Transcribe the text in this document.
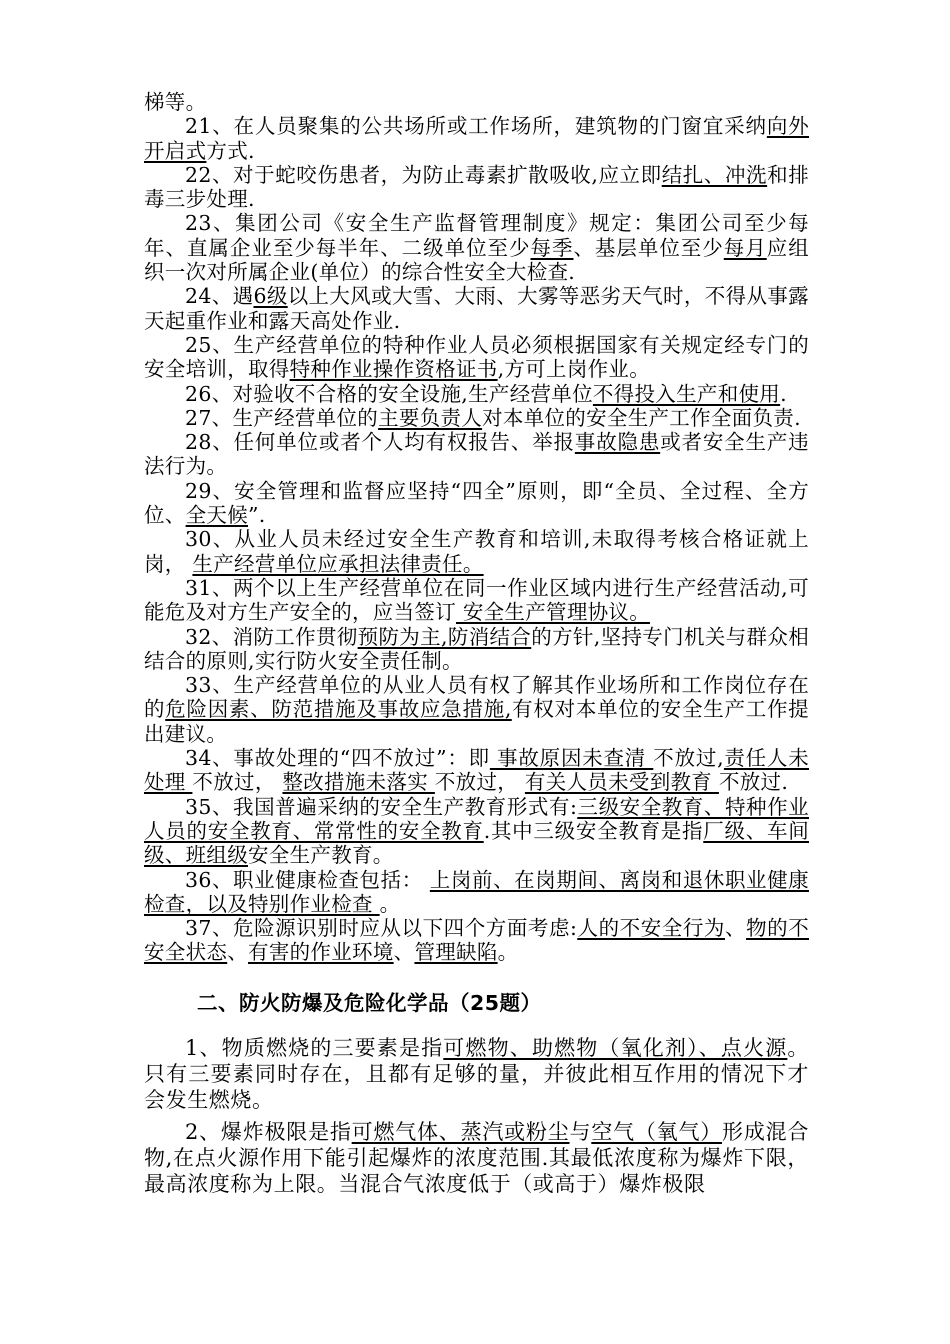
梯等。

21、在人员聚集的公共场所或工作场所，建筑物的门窗宜采纳向外开启式方式.

22、对于蛇咬伤患者，为防止毒素扩散吸收,应立即结扎、冲洗和排毒三步处理.

23、集团公司《安全生产监督管理制度》规定：集团公司至少每年、直属企业至少每半年、二级单位至少每季、基层单位至少每月应组织一次对所属企业(单位）的综合性安全大检查.

24、遇6级以上大风或大雪、大雨、大雾等恶劣天气时，不得从事露天起重作业和露天高处作业.

25、生产经营单位的特种作业人员必须根据国家有关规定经专门的安全培训，取得特种作业操作资格证书,方可上岗作业。

26、对验收不合格的安全设施,生产经营单位不得投入生产和使用.

27、生产经营单位的主要负责人对本单位的安全生产工作全面负责.

28、任何单位或者个人均有权报告、举报事故隐患或者安全生产违法行为。

29、安全管理和监督应坚持“四全”原则，即“全员、全过程、全方位、全天候”.

30、从业人员未经过安全生产教育和培训,未取得考核合格证就上岗， 生产经营单位应承担法律责任。

31、两个以上生产经营单位在同一作业区域内进行生产经营活动,可能危及对方生产安全的，应当签订 安全生产管理协议。

32、消防工作贯彻预防为主,防消结合的方针,坚持专门机关与群众相结合的原则,实行防火安全责任制。

33、生产经营单位的从业人员有权了解其作业场所和工作岗位存在的危险因素、防范措施及事故应急措施,有权对本单位的安全生产工作提出建议。

34、事故处理的“四不放过”：即 事故原因未查清 不放过,责任人未处理 不放过， 整改措施未落实 不放过， 有关人员未受到教育 不放过.

35、我国普遍采纳的安全生产教育形式有:三级安全教育、特种作业人员的安全教育、常常性的安全教育.其中三级安全教育是指厂级、车间级、班组级安全生产教育。

36、职业健康检查包括： 上岗前、在岗期间、离岗和退休职业健康检查，以及特别作业检查 。

37、危险源识别时应从以下四个方面考虑:人的不安全行为、物的不安全状态、有害的作业环境、管理缺陷。

二、防火防爆及危险化学品（25题）

1、物质燃烧的三要素是指可燃物、助燃物（氧化剂）、点火源。只有三要素同时存在，且都有足够的量，并彼此相互作用的情况下才会发生燃烧。

2、爆炸极限是指可燃气体、蒸汽或粉尘与空气（氧气）形成混合物,在点火源作用下能引起爆炸的浓度范围.其最低浓度称为爆炸下限，最高浓度称为上限。当混合气浓度低于（或高于）爆炸极限
